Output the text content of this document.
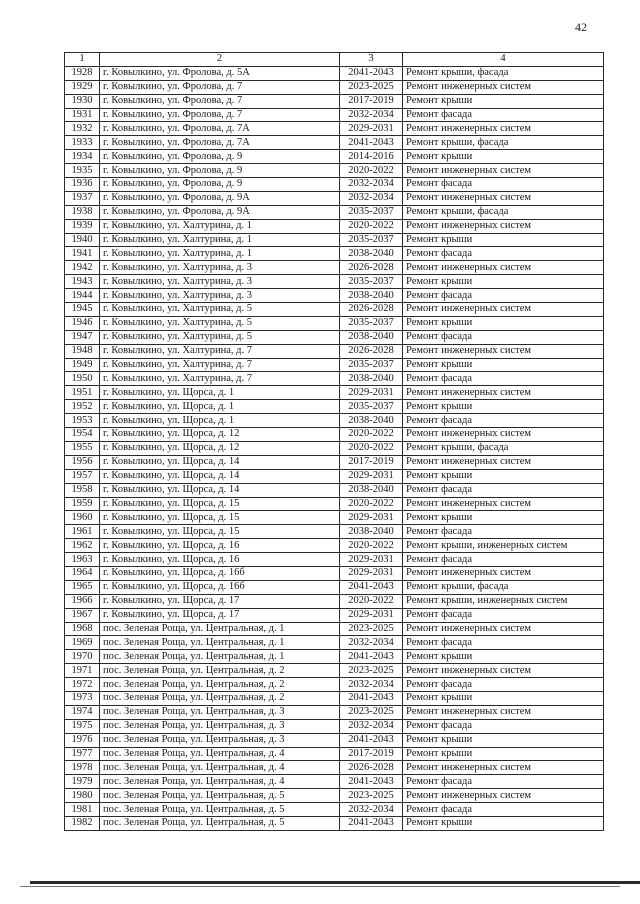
42
1	2	3	4
1928	г. Ковылкино, ул. Фролова, д. 5А	2041-2043	Ремонт крыши, фасада
1929	г. Ковылкино, ул. Фролова, д. 7	2023-2025	Ремонт инженерных систем
1930	г. Ковылкино, ул. Фролова, д. 7	2017-2019	Ремонт крыши
1931	г. Ковылкино, ул. Фролова, д. 7	2032-2034	Ремонт фасада
1932	г. Ковылкино, ул. Фролова, д. 7А	2029-2031	Ремонт инженерных систем
1933	г. Ковылкино, ул. Фролова, д. 7А	2041-2043	Ремонт крыши, фасада
1934	г. Ковылкино, ул. Фролова, д. 9	2014-2016	Ремонт крыши
1935	г. Ковылкино, ул. Фролова, д. 9	2020-2022	Ремонт инженерных систем
1936	г. Ковылкино, ул. Фролова, д. 9	2032-2034	Ремонт фасада
1937	г. Ковылкино, ул. Фролова, д. 9А	2032-2034	Ремонт инженерных систем
1938	г. Ковылкино, ул. Фролова, д. 9А	2035-2037	Ремонт крыши, фасада
1939	г. Ковылкино, ул. Халтурина, д. 1	2020-2022	Ремонт инженерных систем
1940	г. Ковылкино, ул. Халтурина, д. 1	2035-2037	Ремонт крыши
1941	г. Ковылкино, ул. Халтурина, д. 1	2038-2040	Ремонт фасада
1942	г. Ковылкино, ул. Халтурина, д. 3	2026-2028	Ремонт инженерных систем
1943	г. Ковылкино, ул. Халтурина, д. 3	2035-2037	Ремонт крыши
1944	г. Ковылкино, ул. Халтурина, д. 3	2038-2040	Ремонт фасада
1945	г. Ковылкино, ул. Халтурина, д. 5	2026-2028	Ремонт инженерных систем
1946	г. Ковылкино, ул. Халтурина, д. 5	2035-2037	Ремонт крыши
1947	г. Ковылкино, ул. Халтурина, д. 5	2038-2040	Ремонт фасада
1948	г. Ковылкино, ул. Халтурина, д. 7	2026-2028	Ремонт инженерных систем
1949	г. Ковылкино, ул. Халтурина, д. 7	2035-2037	Ремонт крыши
1950	г. Ковылкино, ул. Халтурина, д. 7	2038-2040	Ремонт фасада
1951	г. Ковылкино, ул. Щорса, д. 1	2029-2031	Ремонт инженерных систем
1952	г. Ковылкино, ул. Щорса, д. 1	2035-2037	Ремонт крыши
1953	г. Ковылкино, ул. Щорса, д. 1	2038-2040	Ремонт фасада
1954	г. Ковылкино, ул. Щорса, д. 12	2020-2022	Ремонт инженерных систем
1955	г. Ковылкино, ул. Щорса, д. 12	2020-2022	Ремонт крыши, фасада
1956	г. Ковылкино, ул. Щорса, д. 14	2017-2019	Ремонт инженерных систем
1957	г. Ковылкино, ул. Щорса, д. 14	2029-2031	Ремонт крыши
1958	г. Ковылкино, ул. Щорса, д. 14	2038-2040	Ремонт фасада
1959	г. Ковылкино, ул. Щорса, д. 15	2020-2022	Ремонт инженерных систем
1960	г. Ковылкино, ул. Щорса, д. 15	2029-2031	Ремонт крыши
1961	г. Ковылкино, ул. Щорса, д. 15	2038-2040	Ремонт фасада
1962	г. Ковылкино, ул. Щорса, д. 16	2020-2022	Ремонт крыши, инженерных систем
1963	г. Ковылкино, ул. Щорса, д. 16	2029-2031	Ремонт фасада
1964	г. Ковылкино, ул. Щорса, д. 16б	2029-2031	Ремонт инженерных систем
1965	г. Ковылкино, ул. Щорса, д. 16б	2041-2043	Ремонт крыши, фасада
1966	г. Ковылкино, ул. Щорса, д. 17	2020-2022	Ремонт крыши, инженерных систем
1967	г. Ковылкино, ул. Щорса, д. 17	2029-2031	Ремонт фасада
1968	пос. Зеленая Роща, ул. Центральная, д. 1	2023-2025	Ремонт инженерных систем
1969	пос. Зеленая Роща, ул. Центральная, д. 1	2032-2034	Ремонт фасада
1970	пос. Зеленая Роща, ул. Центральная, д. 1	2041-2043	Ремонт крыши
1971	пос. Зеленая Роща, ул. Центральная, д. 2	2023-2025	Ремонт инженерных систем
1972	пос. Зеленая Роща, ул. Центральная, д. 2	2032-2034	Ремонт фасада
1973	пос. Зеленая Роща, ул. Центральная, д. 2	2041-2043	Ремонт крыши
1974	пос. Зеленая Роща, ул. Центральная, д. 3	2023-2025	Ремонт инженерных систем
1975	пос. Зеленая Роща, ул. Центральная, д. 3	2032-2034	Ремонт фасада
1976	пос. Зеленая Роща, ул. Центральная, д. 3	2041-2043	Ремонт крыши
1977	пос. Зеленая Роща, ул. Центральная, д. 4	2017-2019	Ремонт крыши
1978	пос. Зеленая Роща, ул. Центральная, д. 4	2026-2028	Ремонт инженерных систем
1979	пос. Зеленая Роща, ул. Центральная, д. 4	2041-2043	Ремонт фасада
1980	пос. Зеленая Роща, ул. Центральная, д. 5	2023-2025	Ремонт инженерных систем
1981	пос. Зеленая Роща, ул. Центральная, д. 5	2032-2034	Ремонт фасада
1982	пос. Зеленая Роща, ул. Центральная, д. 5	2041-2043	Ремонт крыши
